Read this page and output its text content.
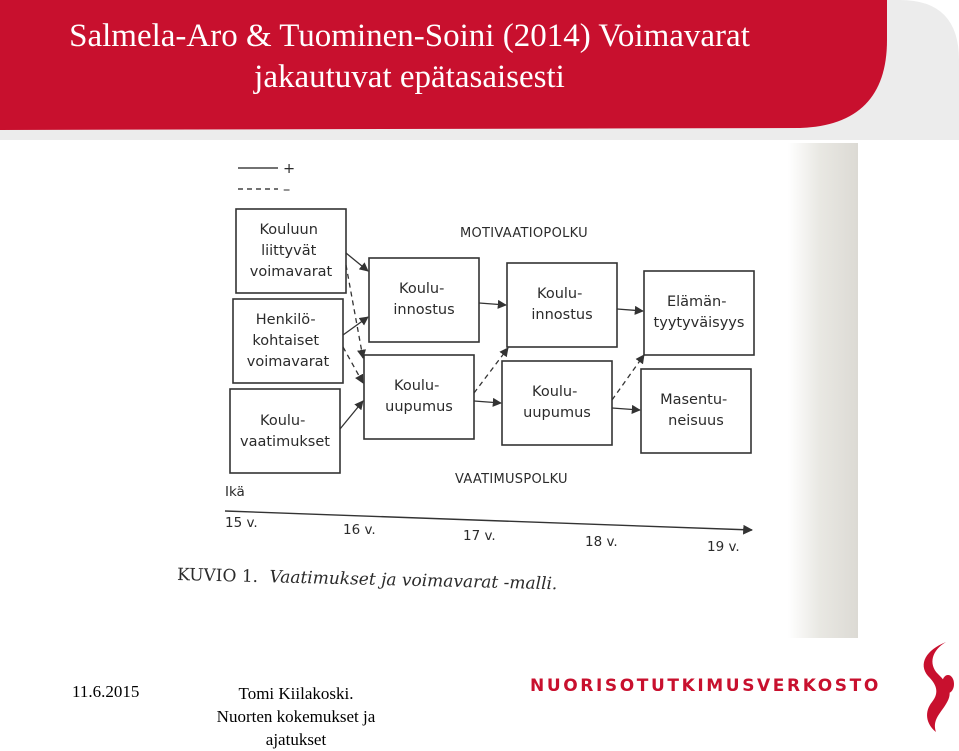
Salmela-Aro & Tuominen-Soini (2014) Voimavarat
jakautuvat epätasaisesti
+
–
MOTIVAATIOPOLKU
VAATIMUSPOLKU
Kouluun liittyvät voimavarat
Henkilö- kohtaiset voimavarat
Koulu- vaatimukset
Koulu- innostus
Koulu- uupumus
Koulu- innostus
Koulu- uupumus
Elämän- tyytyväisyys
Masentu- neisuus
Ikä
15 v.	16 v.	17 v.	18 v.	19 v.
KUVIO 1. Vaatimukset ja voimavarat -malli.
11.6.2015	Tomi Kiilakoski.
Nuorten kokemukset ja
ajatukset
NUORISOTUTKIMUSVERKOSTO
